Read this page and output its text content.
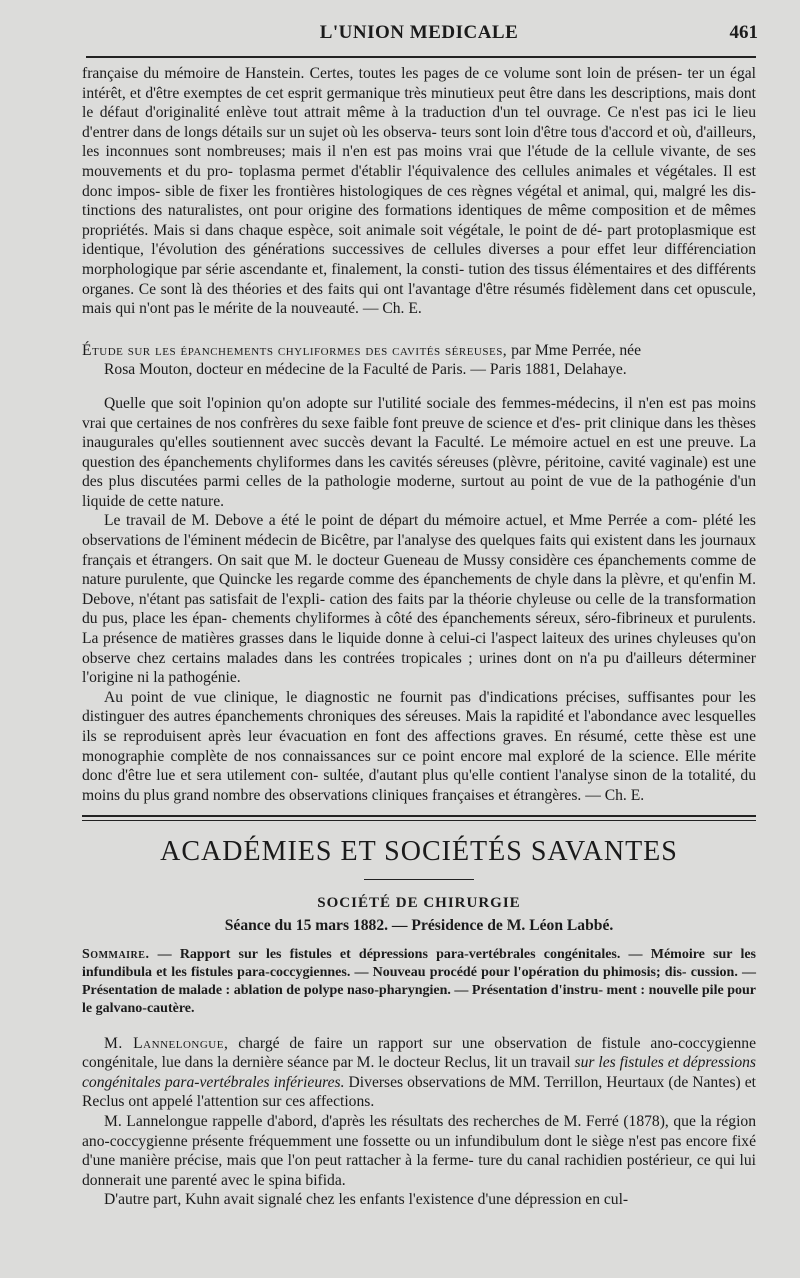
L'UNION MEDICALE	461

française du mémoire de Hanstein. Certes, toutes les pages de ce volume sont loin de présen- ter un égal intérêt, et d'être exemptes de cet esprit germanique très minutieux peut être dans les descriptions, mais dont le défaut d'originalité enlève tout attrait même à la traduction d'un tel ouvrage. Ce n'est pas ici le lieu d'entrer dans de longs détails sur un sujet où les observa- teurs sont loin d'être tous d'accord et où, d'ailleurs, les inconnues sont nombreuses; mais il n'en est pas moins vrai que l'étude de la cellule vivante, de ses mouvements et du pro- toplasma permet d'établir l'équivalence des cellules animales et végétales. Il est donc impos- sible de fixer les frontières histologiques de ces règnes végétal et animal, qui, malgré les dis- tinctions des naturalistes, ont pour origine des formations identiques de même composition et de mêmes propriétés. Mais si dans chaque espèce, soit animale soit végétale, le point de dé- part protoplasmique est identique, l'évolution des générations successives de cellules diverses a pour effet leur différenciation morphologique par série ascendante et, finalement, la consti- tution des tissus élémentaires et des différents organes. Ce sont là des théories et des faits qui ont l'avantage d'être résumés fidèlement dans cet opuscule, mais qui n'ont pas le mérite de la nouveauté. — Ch. E.

Étude sur les épanchements chyliformes des cavités séreuses, par Mme Perrée, née
Rosa Mouton, docteur en médecine de la Faculté de Paris. — Paris 1881, Delahaye.

Quelle que soit l'opinion qu'on adopte sur l'utilité sociale des femmes-médecins, il n'en est pas moins vrai que certaines de nos confrères du sexe faible font preuve de science et d'es- prit clinique dans les thèses inaugurales qu'elles soutiennent avec succès devant la Faculté. Le mémoire actuel en est une preuve. La question des épanchements chyliformes dans les cavités séreuses (plèvre, péritoine, cavité vaginale) est une des plus discutées parmi celles de la pathologie moderne, surtout au point de vue de la pathogénie d'un liquide de cette nature.

Le travail de M. Debove a été le point de départ du mémoire actuel, et Mme Perrée a com- plété les observations de l'éminent médecin de Bicêtre, par l'analyse des quelques faits qui existent dans les journaux français et étrangers. On sait que M. le docteur Gueneau de Mussy considère ces épanchements comme de nature purulente, que Quincke les regarde comme des épanchements de chyle dans la plèvre, et qu'enfin M. Debove, n'étant pas satisfait de l'expli- cation des faits par la théorie chyleuse ou celle de la transformation du pus, place les épan- chements chyliformes à côté des épanchements séreux, séro-fibrineux et purulents. La présence de matières grasses dans le liquide donne à celui-ci l'aspect laiteux des urines chyleuses qu'on observe chez certains malades dans les contrées tropicales ; urines dont on n'a pu d'ailleurs déterminer l'origine ni la pathogénie.

Au point de vue clinique, le diagnostic ne fournit pas d'indications précises, suffisantes pour les distinguer des autres épanchements chroniques des séreuses. Mais la rapidité et l'abondance avec lesquelles ils se reproduisent après leur évacuation en font des affections graves. En résumé, cette thèse est une monographie complète de nos connaissances sur ce point encore mal exploré de la science. Elle mérite donc d'être lue et sera utilement con- sultée, d'autant plus qu'elle contient l'analyse sinon de la totalité, du moins du plus grand nombre des observations cliniques françaises et étrangères. — Ch. E.

ACADÉMIES ET SOCIÉTÉS SAVANTES

SOCIÉTÉ DE CHIRURGIE

Séance du 15 mars 1882. — Présidence de M. Léon Labbé.

Sommaire. — Rapport sur les fistules et dépressions para-vertébrales congénitales. — Mémoire sur les infundibula et les fistules para-coccygiennes. — Nouveau procédé pour l'opération du phimosis; dis- cussion. — Présentation de malade : ablation de polype naso-pharyngien. — Présentation d'instru- ment : nouvelle pile pour le galvano-cautère.

M. Lannelongue, chargé de faire un rapport sur une observation de fistule ano-coccygienne congénitale, lue dans la dernière séance par M. le docteur Reclus, lit un travail sur les fistules et dépressions congénitales para-vertébrales inférieures. Diverses observations de MM. Terrillon, Heurtaux (de Nantes) et Reclus ont appelé l'attention sur ces affections.

M. Lannelongue rappelle d'abord, d'après les résultats des recherches de M. Ferré (1878), que la région ano-coccygienne présente fréquemment une fossette ou un infundibulum dont le siège n'est pas encore fixé d'une manière précise, mais que l'on peut rattacher à la ferme- ture du canal rachidien postérieur, ce qui lui donnerait une parenté avec le spina bifida.

D'autre part, Kuhn avait signalé chez les enfants l'existence d'une dépression en cul-
